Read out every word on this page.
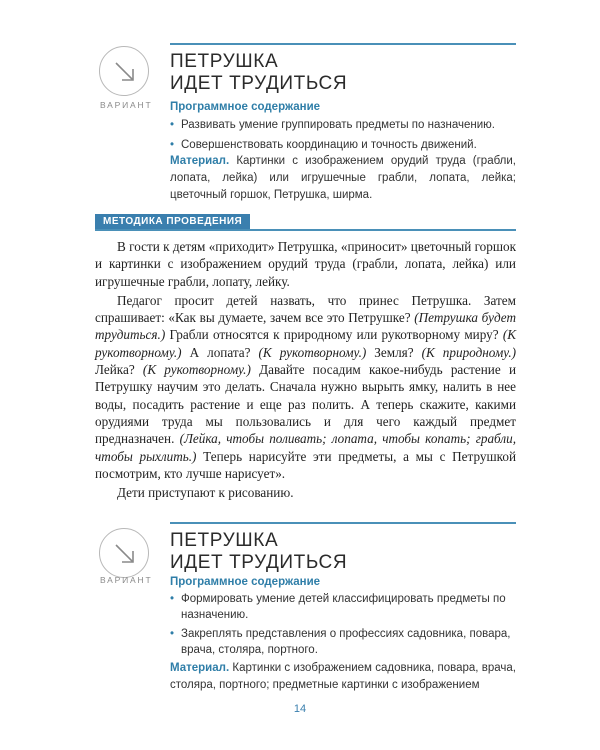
ВАРИАНТ
ПЕТРУШКА
ИДЕТ ТРУДИТЬСЯ
Программное содержание
• Развивать умение группировать предметы по назначению.
• Совершенствовать координацию и точность движений.

Материал. Картинки с изображением орудий труда (грабли, лопата, лейка) или игрушечные грабли, лопата, лейка; цветочный горшок, Петрушка, ширма.

МЕТОДИКА ПРОВЕДЕНИЯ

В гости к детям «приходит» Петрушка, «приносит» цветочный горшок и картинки с изображением орудий труда (грабли, лопата, лейка) или игрушечные грабли, лопату, лейку.

Педагог просит детей назвать, что принес Петрушка. Затем спрашивает: «Как вы думаете, зачем все это Петрушке? (Петрушка будет трудиться.) Грабли относятся к природному или рукотворному миру? (К рукотворному.) А лопата? (К рукотворному.) Земля? (К природному.) Лейка? (К рукотворному.) Давайте посадим какое-нибудь растение и Петрушку научим это делать. Сначала нужно вырыть ямку, налить в нее воды, посадить растение и еще раз полить. А теперь скажите, какими орудиями труда мы пользовались и для чего каждый предмет предназначен. (Лейка, чтобы поливать; лопата, чтобы копать; грабли, чтобы рыхлить.) Теперь нарисуйте эти предметы, а мы с Петрушкой посмотрим, кто лучше нарисует».

Дети приступают к рисованию.

ВАРИАНТ
ПЕТРУШКА
ИДЕТ ТРУДИТЬСЯ
Программное содержание
• Формировать умение детей классифицировать предметы по назначению.
• Закреплять представления о профессиях садовника, повара, врача, столяра, портного.

Материал. Картинки с изображением садовника, повара, врача, столяра, портного; предметные картинки с изображением

14
